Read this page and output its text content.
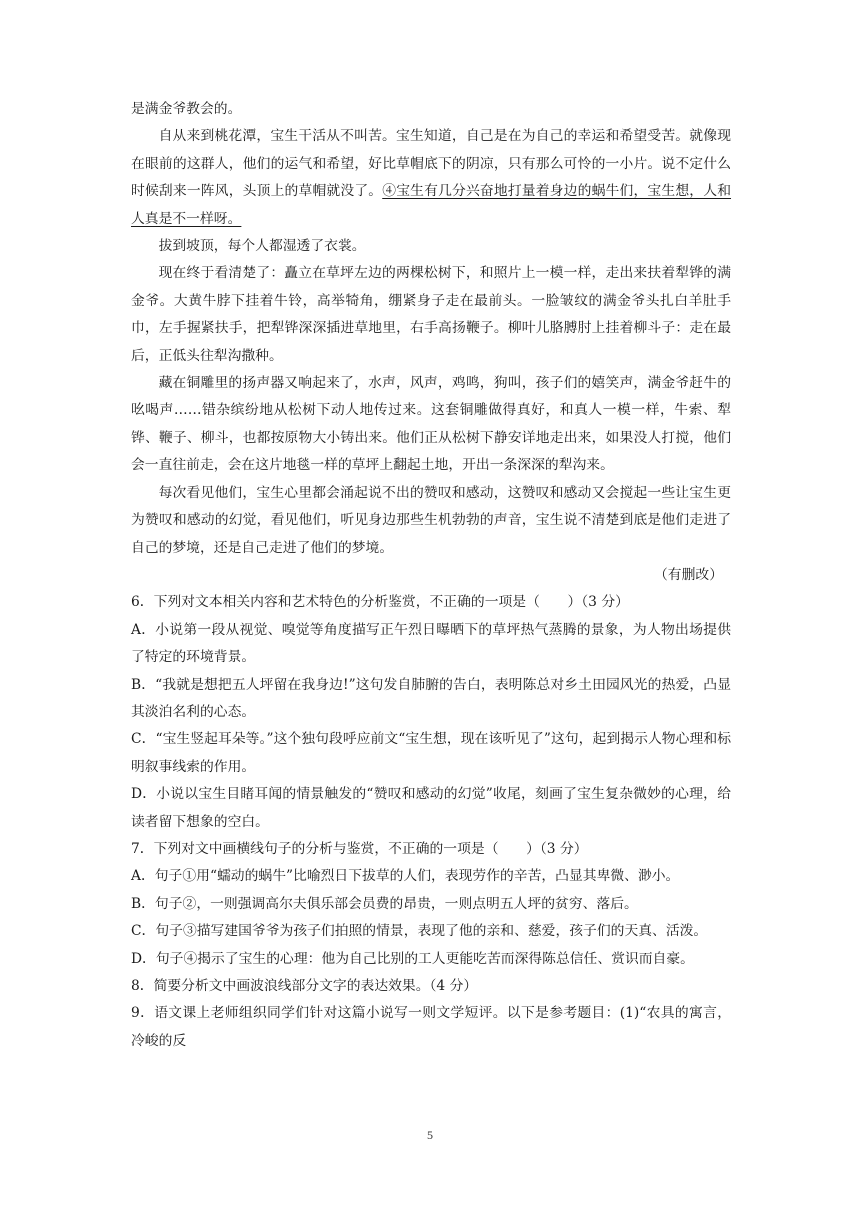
是满金爷教会的。

自从来到桃花潭，宝生干活从不叫苦。宝生知道，自己是在为自己的幸运和希望受苦。就像现在眼前的这群人，他们的运气和希望，好比草帽底下的阴凉，只有那么可怜的一小片。说不定什么时候刮来一阵风，头顶上的草帽就没了。④宝生有几分兴奋地打量着身边的蜗牛们，宝生想，人和人真是不一样呀。

拔到坡顶，每个人都湿透了衣裳。

现在终于看清楚了：矗立在草坪左边的两棵松树下，和照片上一模一样，走出来扶着犁铧的满金爷。大黄牛脖下挂着牛铃，高举犄角，绷紧身子走在最前头。一脸皱纹的满金爷头扎白羊肚手巾，左手握紧扶手，把犁铧深深插进草地里，右手高扬鞭子。柳叶儿胳膊肘上挂着柳斗子：走在最后，正低头往犁沟撒种。

藏在铜雕里的扬声器又响起来了，水声，风声，鸡鸣，狗叫，孩子们的嬉笑声，满金爷赶牛的吆喝声……错杂缤纷地从松树下动人地传过来。这套铜雕做得真好，和真人一模一样，牛索、犁铧、鞭子、柳斗，也都按原物大小铸出来。他们正从松树下静安详地走出来，如果没人打搅，他们会一直往前走，会在这片地毯一样的草坪上翻起土地，开出一条深深的犁沟来。

每次看见他们，宝生心里都会涌起说不出的赞叹和感动，这赞叹和感动又会搅起一些让宝生更为赞叹和感动的幻觉，看见他们，听见身边那些生机勃勃的声音，宝生说不清楚到底是他们走进了自己的梦境，还是自己走进了他们的梦境。

（有删改）

6．下列对文本相关内容和艺术特色的分析鉴赏，不正确的一项是（　　）（3 分）

A．小说第一段从视觉、嗅觉等角度描写正午烈日曝晒下的草坪热气蒸腾的景象，为人物出场提供了特定的环境背景。

B．“我就是想把五人坪留在我身边!”这句发自肺腑的告白，表明陈总对乡土田园风光的热爱，凸显其淡泊名利的心态。

C．“宝生竖起耳朵等。”这个独句段呼应前文“宝生想，现在该听见了”这句，起到揭示人物心理和标明叙事线索的作用。

D．小说以宝生目睹耳闻的情景触发的“赞叹和感动的幻觉”收尾，刻画了宝生复杂微妙的心理，给读者留下想象的空白。

7．下列对文中画横线句子的分析与鉴赏，不正确的一项是（　　）（3 分）

A．句子①用“蠕动的蜗牛”比喻烈日下拔草的人们，表现劳作的辛苦，凸显其卑微、渺小。

B．句子②，一则强调高尔夫俱乐部会员费的昂贵，一则点明五人坪的贫穷、落后。

C．句子③描写建国爷爷为孩子们拍照的情景，表现了他的亲和、慈爱，孩子们的天真、活泼。

D．句子④揭示了宝生的心理：他为自己比别的工人更能吃苦而深得陈总信任、赏识而自豪。

8．简要分析文中画波浪线部分文字的表达效果。（4 分）

9．语文课上老师组织同学们针对这篇小说写一则文学短评。以下是参考题目：(1)“农具的寓言，冷峻的反

5
